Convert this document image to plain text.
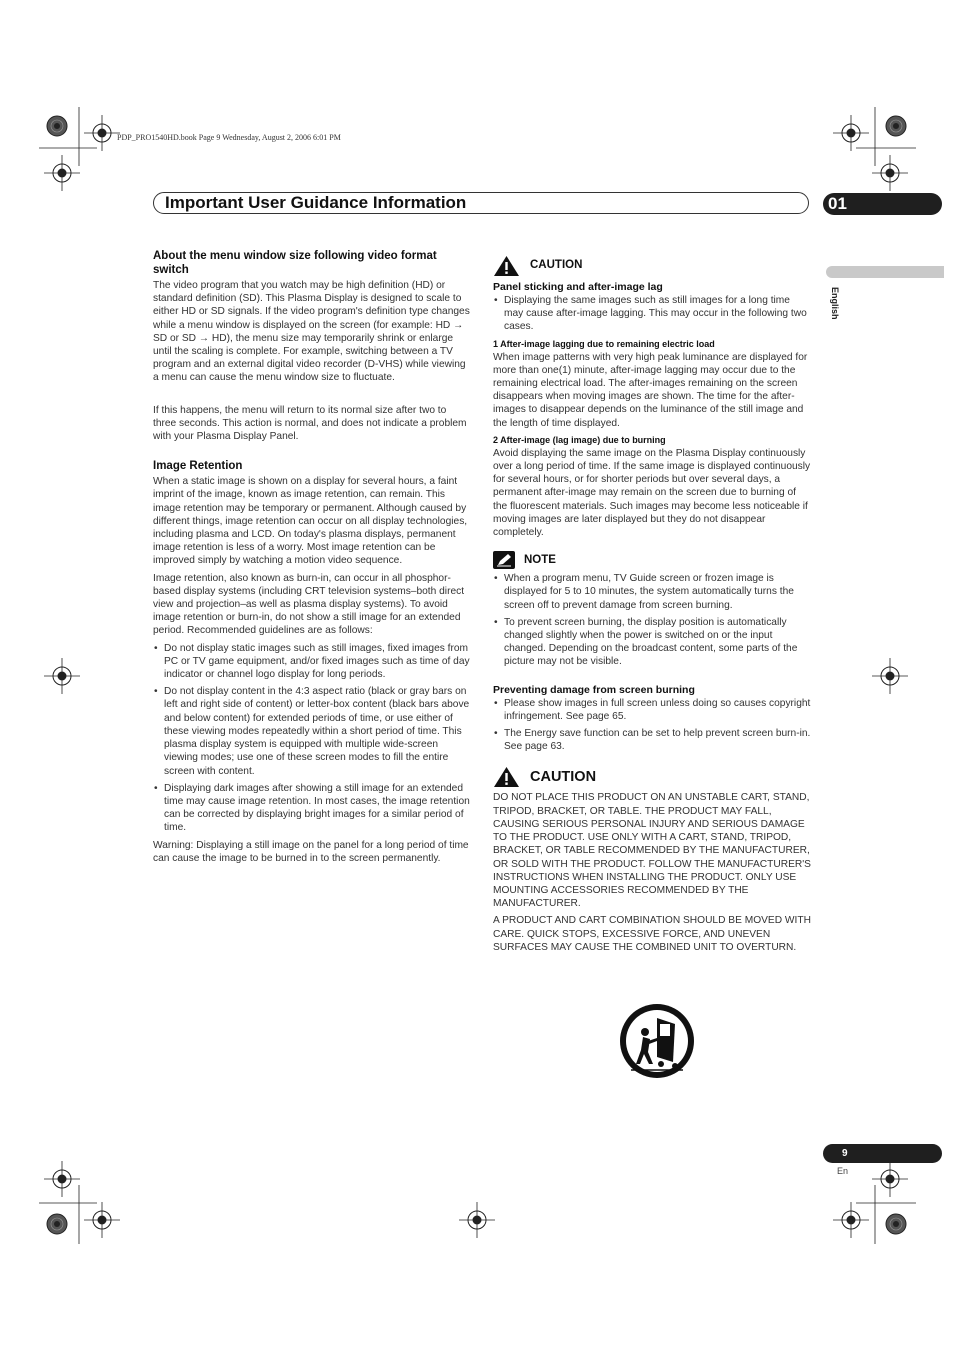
PDP_PRO1540HD.book Page 9 Wednesday, August 2, 2006 6:01 PM
Important User Guidance Information	01
English
About the menu window size following video format switch

The video program that you watch may be high definition (HD) or standard definition (SD). This Plasma Display is designed to scale to either HD or SD signals. If the video program's definition type changes while a menu window is displayed on the screen (for example: HD → SD or SD → HD), the menu size may temporarily shrink or enlarge until the scaling is complete. For example, switching between a TV program and an external digital video recorder (D-VHS) while viewing a menu can cause the menu window size to fluctuate.

If this happens, the menu will return to its normal size after two to three seconds. This action is normal, and does not indicate a problem with your Plasma Display Panel.

Image Retention

When a static image is shown on a display for several hours, a faint imprint of the image, known as image retention, can remain. This image retention may be temporary or permanent. Although caused by different things, image retention can occur on all display technologies, including plasma and LCD. On today's plasma displays, permanent image retention is less of a worry. Most image retention can be improved simply by watching a motion video sequence.

Image retention, also known as burn-in, can occur in all phosphor-based display systems (including CRT television systems–both direct view and projection–as well as plasma display systems). To avoid image retention or burn-in, do not show a still image for an extended period. Recommended guidelines are as follows:

• Do not display static images such as still images, fixed images from PC or TV game equipment, and/or fixed images such as time of day indicator or channel logo display for long periods.
• Do not display content in the 4:3 aspect ratio (black or gray bars on left and right side of content) or letter-box content (black bars above and below content) for extended periods of time, or use either of these viewing modes repeatedly within a short period of time. This plasma display system is equipped with multiple wide-screen viewing modes; use one of these screen modes to fill the entire screen with content.
• Displaying dark images after showing a still image for an extended time may cause image retention. In most cases, the image retention can be corrected by displaying bright images for a similar period of time.

Warning: Displaying a still image on the panel for a long period of time can cause the image to be burned in to the screen permanently.

CAUTION
Panel sticking and after-image lag
• Displaying the same images such as still images for a long time may cause after-image lagging. This may occur in the following two cases.
1 After-image lagging due to remaining electric load

When image patterns with very high peak luminance are displayed for more than one(1) minute, after-image lagging may occur due to the remaining electrical load. The after-images remaining on the screen disappears when moving images are shown. The time for the after-images to disappear depends on the luminance of the still image and the length of time displayed.

2 After-image (lag image) due to burning

Avoid displaying the same image on the Plasma Display continuously over a long period of time. If the same image is displayed continuously for several hours, or for shorter periods but over several days, a permanent after-image may remain on the screen due to burning of the fluorescent materials. Such images may become less noticeable if moving images are later displayed but they do not disappear completely.

NOTE
• When a program menu, TV Guide screen or frozen image is displayed for 5 to 10 minutes, the system automatically turns the screen off to prevent damage from screen burning.
• To prevent screen burning, the display position is automatically changed slightly when the power is switched on or the input changed. Depending on the broadcast content, some parts of the picture may not be visible.
Preventing damage from screen burning
• Please show images in full screen unless doing so causes copyright infringement. See page 65.
• The Energy save function can be set to help prevent screen burn-in. See page 63.
CAUTION

DO NOT PLACE THIS PRODUCT ON AN UNSTABLE CART, STAND, TRIPOD, BRACKET, OR TABLE. THE PRODUCT MAY FALL, CAUSING SERIOUS PERSONAL INJURY AND SERIOUS DAMAGE TO THE PRODUCT. USE ONLY WITH A CART, STAND, TRIPOD, BRACKET, OR TABLE RECOMMENDED BY THE MANUFACTURER, OR SOLD WITH THE PRODUCT. FOLLOW THE MANUFACTURER'S INSTRUCTIONS WHEN INSTALLING THE PRODUCT. ONLY USE MOUNTING ACCESSORIES RECOMMENDED BY THE MANUFACTURER.

A PRODUCT AND CART COMBINATION SHOULD BE MOVED WITH CARE. QUICK STOPS, EXCESSIVE FORCE, AND UNEVEN SURFACES MAY CAUSE THE COMBINED UNIT TO OVERTURN.

9
En
